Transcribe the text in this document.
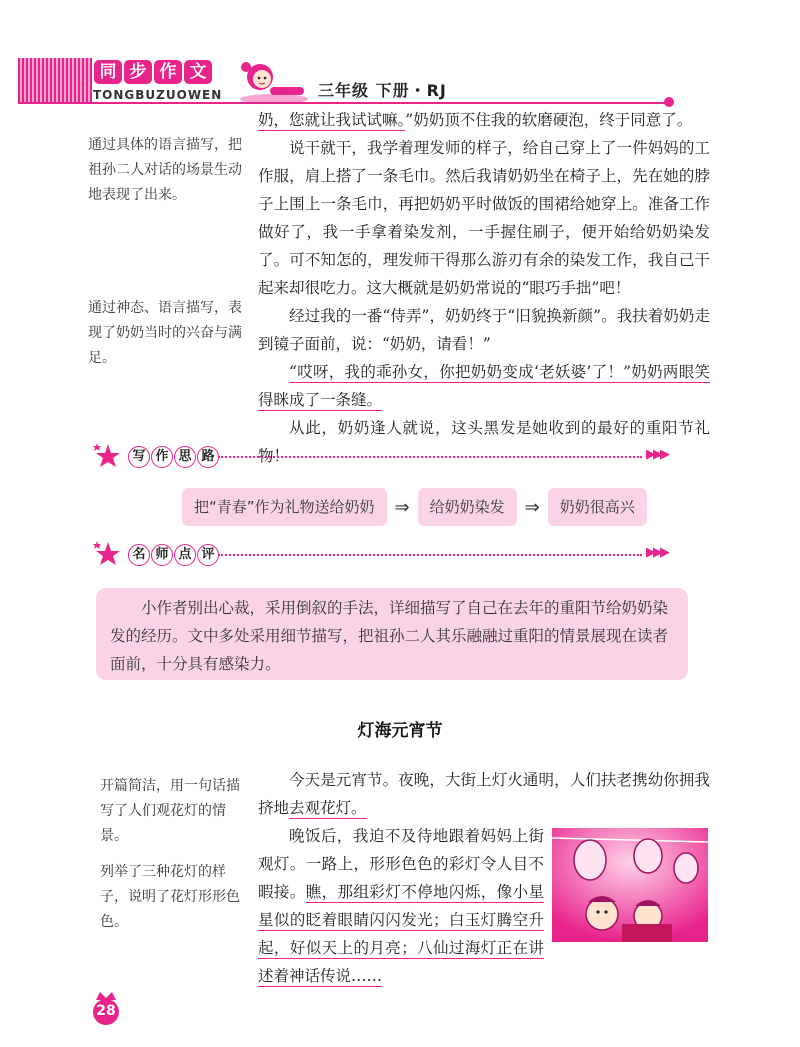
同 步 作 文
TONGBUZUOWEN	三年级 下册・RJ
通过具体的语言描写，把祖孙二人对话的场景生动地表现了出来。
通过神态、语言描写，表现了奶奶当时的兴奋与满足。

奶，您就让我试试嘛。”奶奶顶不住我的软磨硬泡，终于同意了。

说干就干，我学着理发师的样子，给自己穿上了一件妈妈的工作服，肩上搭了一条毛巾。然后我请奶奶坐在椅子上，先在她的脖子上围上一条毛巾，再把奶奶平时做饭的围裙给她穿上。准备工作做好了，我一手拿着染发剂，一手握住刷子，便开始给奶奶染发了。可不知怎的，理发师干得那么游刃有余的染发工作，我自己干起来却很吃力。这大概就是奶奶常说的“眼巧手拙”吧！

经过我的一番“侍弄”，奶奶终于“旧貌换新颜”。我扶着奶奶走到镜子面前，说：“奶奶，请看！”

“哎呀，我的乖孙女，你把奶奶变成‘老妖婆’了！”奶奶两眼笑得眯成了一条缝。

从此，奶奶逢人就说，这头黑发是她收到的最好的重阳节礼物！

写 作 思 路	▶▶▶
把“青春”作为礼物送给奶奶	⇒	给奶奶染发	⇒	奶奶很高兴
名 师 点 评	▶▶▶

小作者别出心裁，采用倒叙的手法，详细描写了自己在去年的重阳节给奶奶染发的经历。文中多处采用细节描写，把祖孙二人其乐融融过重阳的情景展现在读者面前，十分具有感染力。

灯海元宵节
开篇简洁，用一句话描写了人们观花灯的情景。
列举了三种花灯的样子，说明了花灯形形色色。

今天是元宵节。夜晚，大街上灯火通明，人们扶老携幼你拥我挤地去观花灯。

晚饭后，我迫不及待地跟着妈妈上街观灯。一路上，形形色色的彩灯令人目不暇接。瞧，那组彩灯不停地闪烁，像小星星似的眨着眼睛闪闪发光；白玉灯腾空升起，好似天上的月亮；八仙过海灯正在讲述着神话传说……

28
